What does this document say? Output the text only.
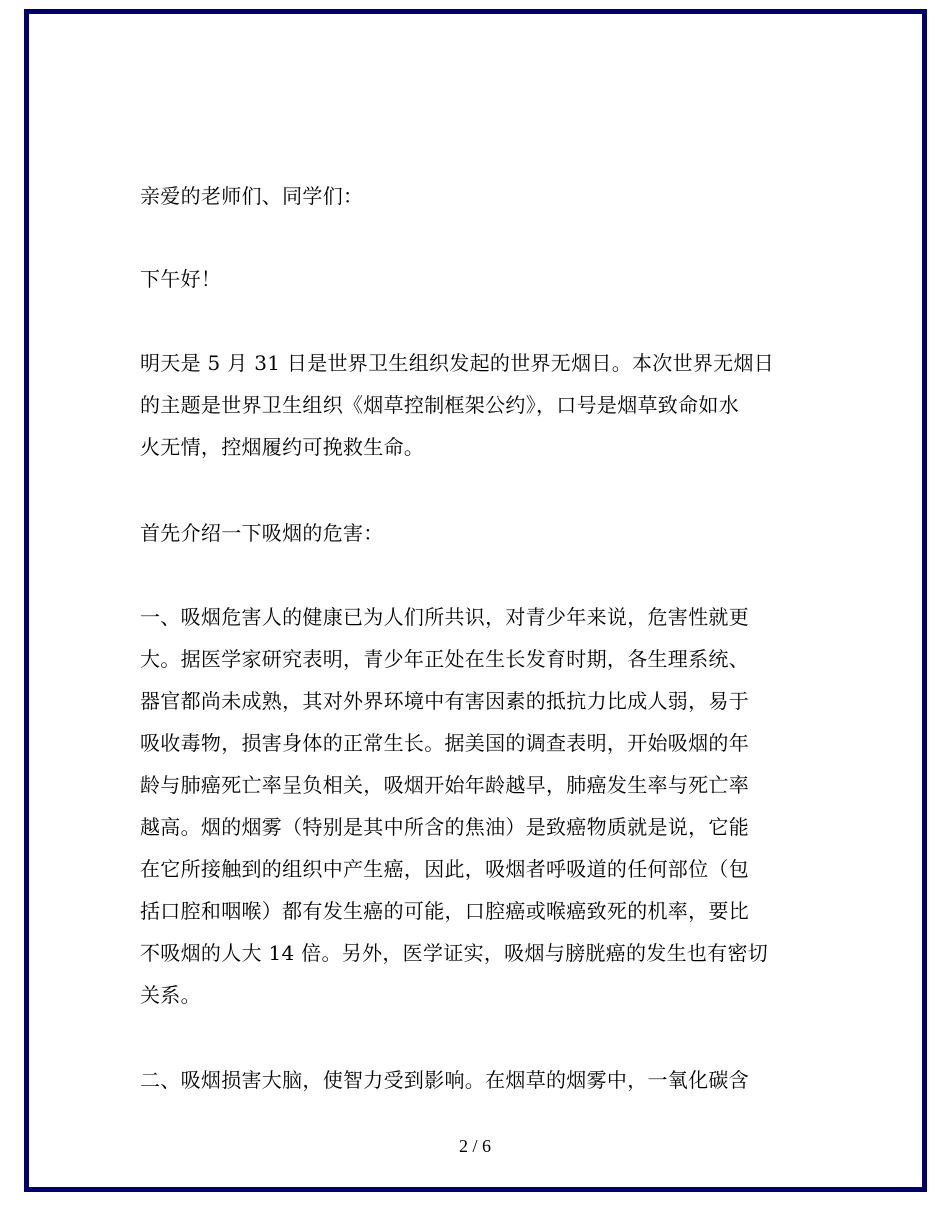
亲爱的老师们、同学们：

下午好！

明天是 5 月 31 日是世界卫生组织发起的世界无烟日。本次世界无烟日

的主题是世界卫生组织《烟草控制框架公约》，口号是烟草致命如水

火无情，控烟履约可挽救生命。

首先介绍一下吸烟的危害：

一、吸烟危害人的健康已为人们所共识，对青少年来说，危害性就更

大。据医学家研究表明，青少年正处在生长发育时期，各生理系统、

器官都尚未成熟，其对外界环境中有害因素的抵抗力比成人弱，易于

吸收毒物，损害身体的正常生长。据美国的调查表明，开始吸烟的年

龄与肺癌死亡率呈负相关，吸烟开始年龄越早，肺癌发生率与死亡率

越高。烟的烟雾（特别是其中所含的焦油）是致癌物质就是说，它能

在它所接触到的组织中产生癌，因此，吸烟者呼吸道的任何部位（包

括口腔和咽喉）都有发生癌的可能，口腔癌或喉癌致死的机率，要比

不吸烟的人大 14 倍。另外，医学证实，吸烟与膀胱癌的发生也有密切

关系。

二、吸烟损害大脑，使智力受到影响。在烟草的烟雾中，一氧化碳含

2 / 6
